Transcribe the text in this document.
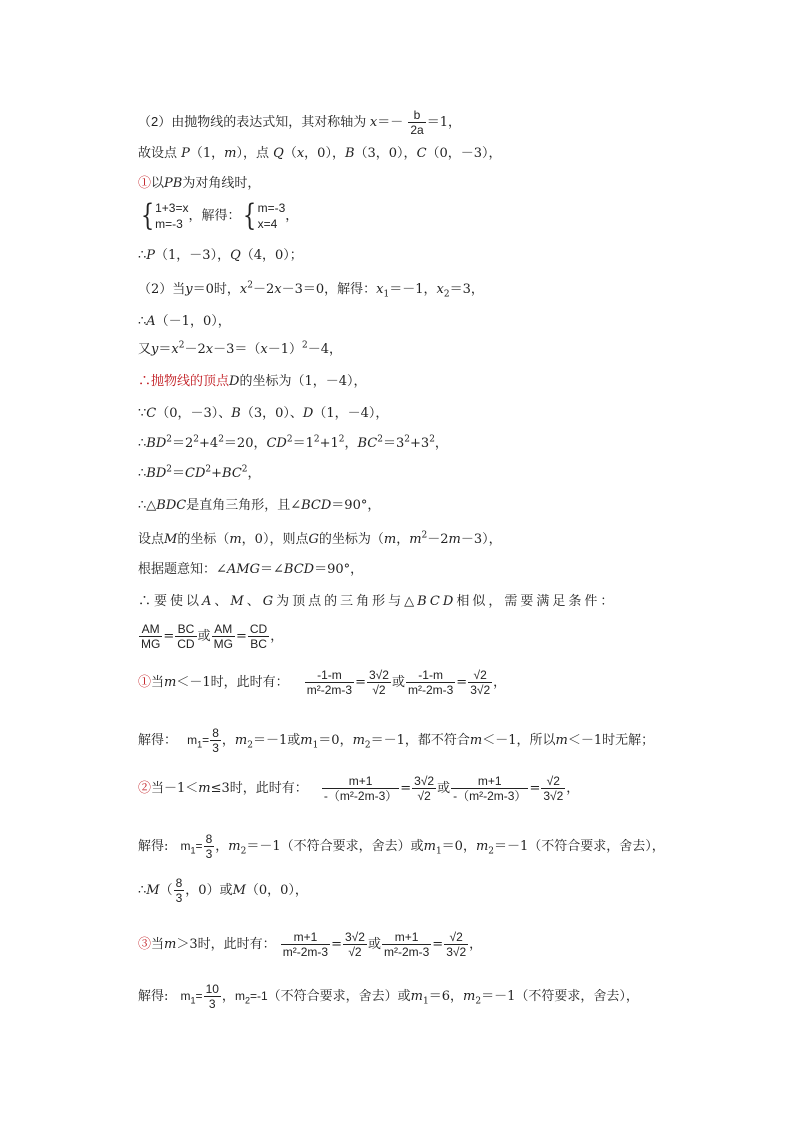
（2）由抛物线的表达式知，其对称轴为 $x=- \frac{b}{2a} =1$，
故设点 P（1，m），点 Q（x，0），B（3，0），C（0，－3），
①以PB为对角线时，
{1+3=x
m=-3，解得：{m=-3
x=4，
∴P（1，－3），Q（4，0）；
（2）当y＝0时，$x^2-2x-3=0$，解得：$x_1=-1$，$x_2=3$，
∴A（－1，0），
又$y=x^2-2x-3=(x-1)^2-4$，
∴抛物线的顶点D的坐标为（1，－4），
∵C（0，－3）、B（3，0）、D（1，－4），
$\therefore BD^2=2^2+4^2=20$，$CD^2=1^2+1^2$，$BC^2=3^2+3^2$，
$\therefore BD^2=CD^2+BC^2$，
∴△BDC是直角三角形，且∠BCD＝90°，
设点M的坐标（m，0），则点G的坐标为（m，$m^2-2m-3$），
根据题意知：∠AMG＝∠BCD＝90°，
∴要使以A、M、G为顶点的三角形与△BCD相似，需要满足条件：
$\frac{AM}{MG} = \frac{BC}{CD}$ 或 $\frac{AM}{MG} = \frac{CD}{BC}$ ，
①当m＜－1时，此时有： $\frac{-1-m}{\text{m²-2m-3}} = \frac{3√2}{√2}$ 或 $\frac{-1-m}{\text{m²-2m-3}} = \frac{√2}{3√2}$ ，
解得： $m_1= \frac{8}{3}$ ，$m_2=-1$或$m_1=0$，$m_2=-1$，都不符合m＜－1，所以m＜－1时无解；
②当－1＜m≤3时，此时有： $\frac{m+1}{\text{-（m²-2m-3）}} = \frac{3√2}{√2}$ 或 $\frac{m+1}{\text{-（m²-2m-3）}} = \frac{√2}{3√2}$ ，
解得: $m_1= \frac{8}{3}$ ，$m_2=-1$（不符合要求，舍去）或$m_1=0$，$m_2=-1$（不符合要求，舍去），
∴M（ $\frac{8}{3}$ ，0）或M（0，0），
③当m＞3时，此时有： $\frac{m+1}{\text{m²-2m-3}} = \frac{3√2}{√2}$ 或 $\frac{m+1}{\text{m²-2m-3}} = \frac{√2}{3√2}$ ，
解得: $m_1= \frac{10}{3}$ ，$m_2=-1$（不符合要求，舍去）或$m_1=6$，$m_2=-1$（不符要求，舍去），
